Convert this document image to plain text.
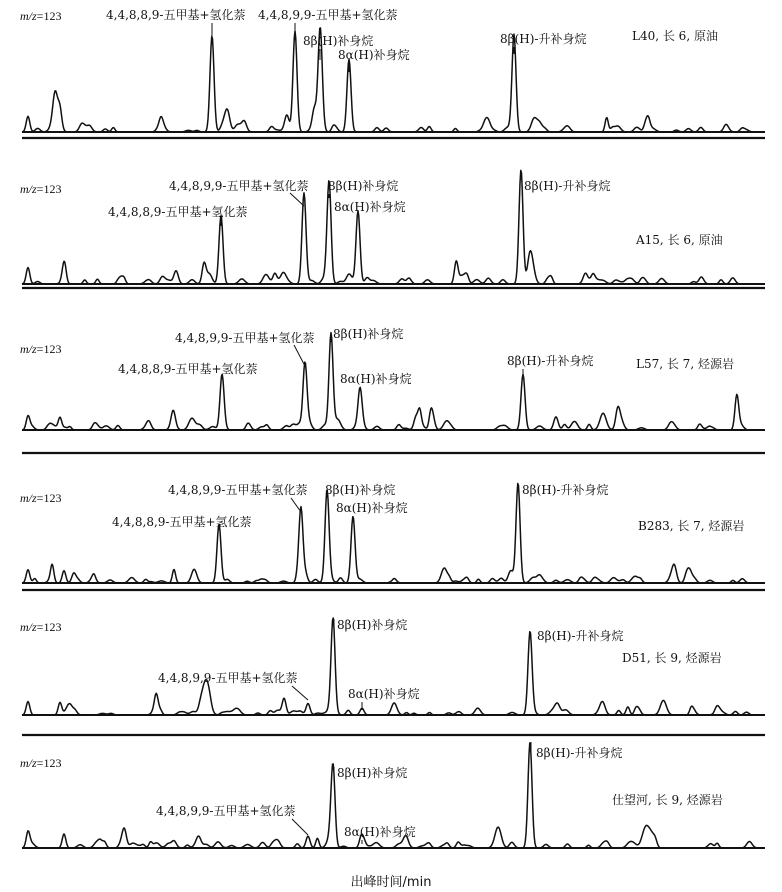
m/z=123
L40, 长 6, 原油
4,4,8,8,9-五甲基+氢化萘 4,4,8,9,9-五甲基+氢化萘
8β(H)补身烷
8α(H)补身烷
8β(H)-升补身烷
m/z=123
A15, 长 6, 原油
4,4,8,8,9-五甲基+氢化萘
4,4,8,9,9-五甲基+氢化萘 8β(H)补身烷
8α(H)补身烷
8β(H)-升补身烷
m/z=123
L57, 长 7, 烃源岩
4,4,8,8,9-五甲基+氢化萘
4,4,8,9,9-五甲基+氢化萘 8β(H)补身烷
8α(H)补身烷
8β(H)-升补身烷
m/z=123
B283, 长 7, 烃源岩
4,4,8,8,9-五甲基+氢化萘
4,4,8,9,9-五甲基+氢化萘 8β(H)补身烷
8α(H)补身烷
8β(H)-升补身烷
m/z=123
D51, 长 9, 烃源岩
4,4,8,9,9-五甲基+氢化萘
8β(H)补身烷
8α(H)补身烷
8β(H)-升补身烷
m/z=123
仕望河, 长 9, 烃源岩
4,4,8,9,9-五甲基+氢化萘
8β(H)补身烷
8α(H)补身烷
8β(H)-升补身烷
出峰时间/min
